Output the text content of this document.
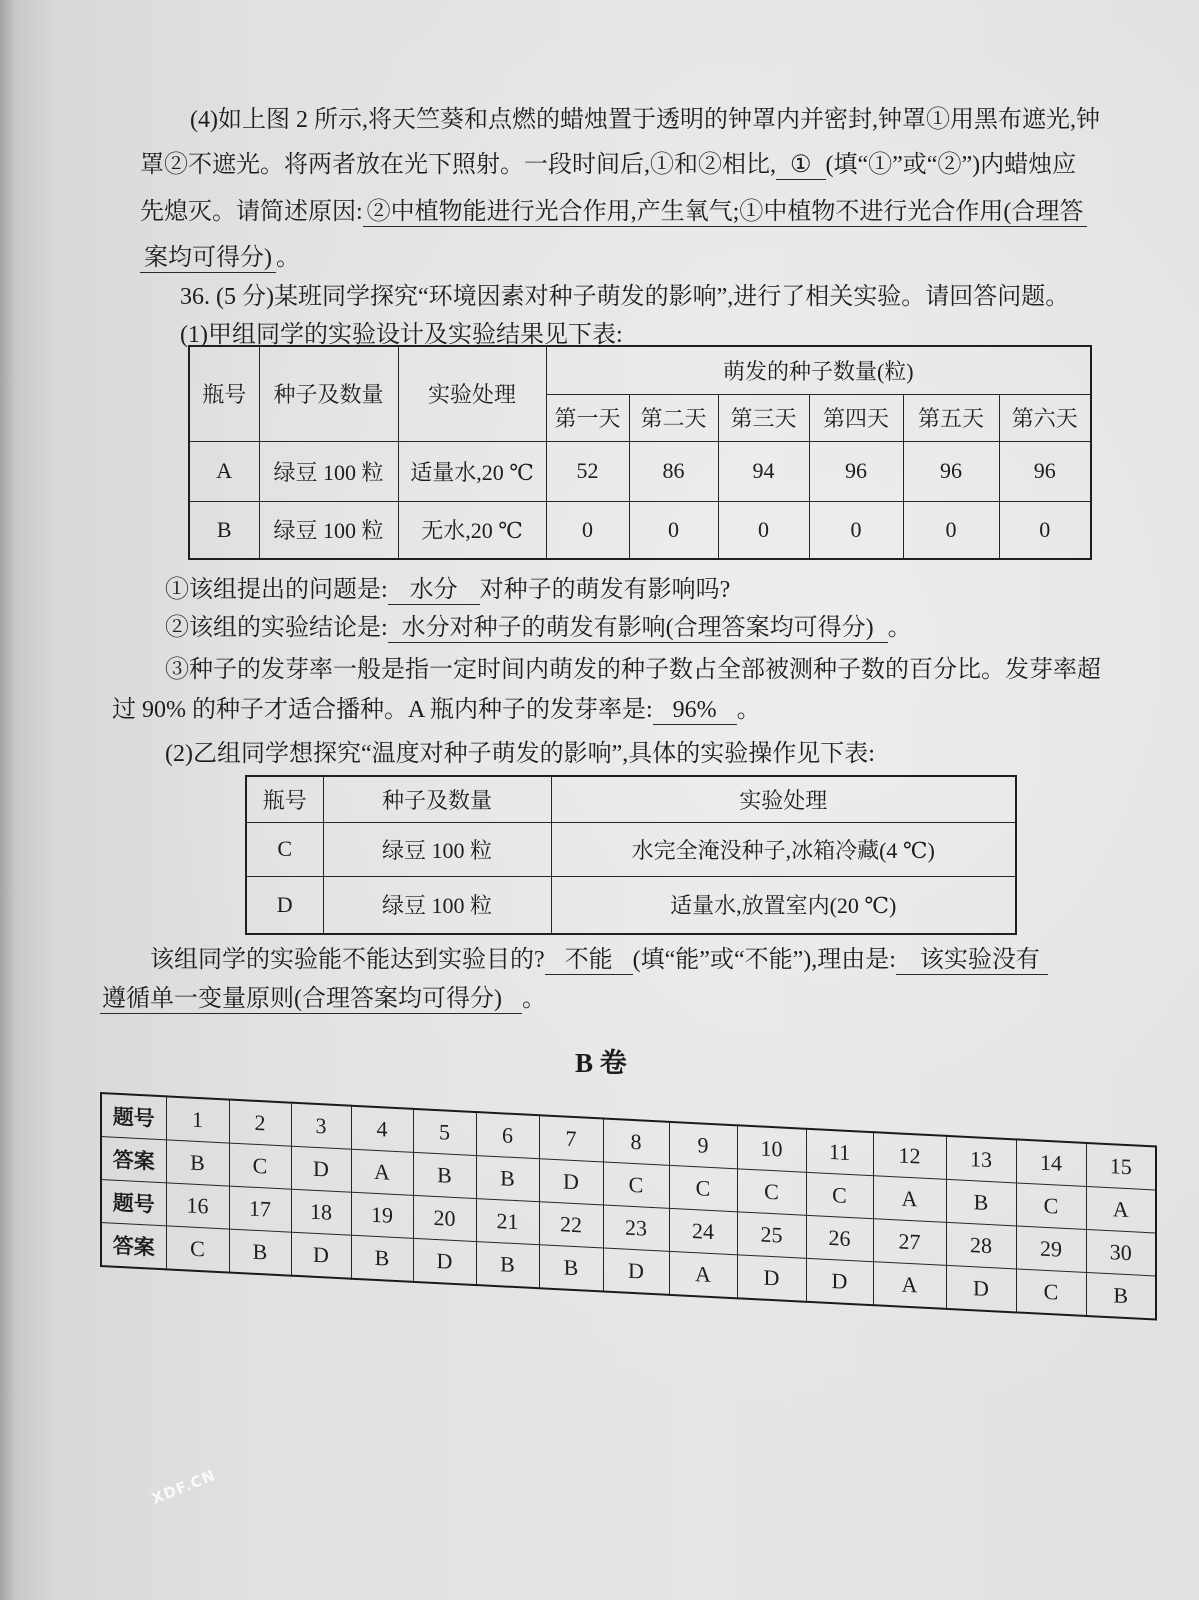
(4)如上图 2 所示,将天竺葵和点燃的蜡烛置于透明的钟罩内并密封,钟罩①用黑布遮光,钟
罩②不遮光。将两者放在光下照射。一段时间后,①和②相比, ① (填“①”或“②”)内蜡烛应
先熄灭。请简述原因: ②中植物能进行光合作用,产生氧气;①中植物不进行光合作用(合理答
案均可得分) 。
36. (5 分)某班同学探究“环境因素对种子萌发的影响”,进行了相关实验。请回答问题。
(1)甲组同学的实验设计及实验结果见下表:
瓶号	种子及数量	实验处理	萌发的种子数量(粒)					
			第一天	第二天	第三天	第四天	第五天	第六天
A	绿豆 100 粒	适量水,20 ℃	52	86	94	96	96	96
B	绿豆 100 粒	无水,20 ℃	0	0	0	0	0	0
①该组提出的问题是: 水分 对种子的萌发有影响吗?
②该组的实验结论是: 水分对种子的萌发有影响(合理答案均可得分) 。
③种子的发芽率一般是指一定时间内萌发的种子数占全部被测种子数的百分比。发芽率超
过 90% 的种子才适合播种。A 瓶内种子的发芽率是: 96% 。
(2)乙组同学想探究“温度对种子萌发的影响”,具体的实验操作见下表:
瓶号	种子及数量	实验处理
C	绿豆 100 粒	水完全淹没种子,冰箱冷藏(4 ℃)
D	绿豆 100 粒	适量水,放置室内(20 ℃)
该组同学的实验能不能达到实验目的? 不能 (填“能”或“不能”),理由是: 该实验没有
遵循单一变量原则(合理答案均可得分) 。
B 卷
题号	1	2	3	4	5	6	7	8	9	10	11	12	13	14	15
答案	B	C	D	A	B	B	D	C	C	C	C	A	B	C	A
题号	16	17	18	19	20	21	22	23	24	25	26	27	28	29	30
答案	C	B	D	B	D	B	B	D	A	D	D	A	D	C	B
XDF.CN
